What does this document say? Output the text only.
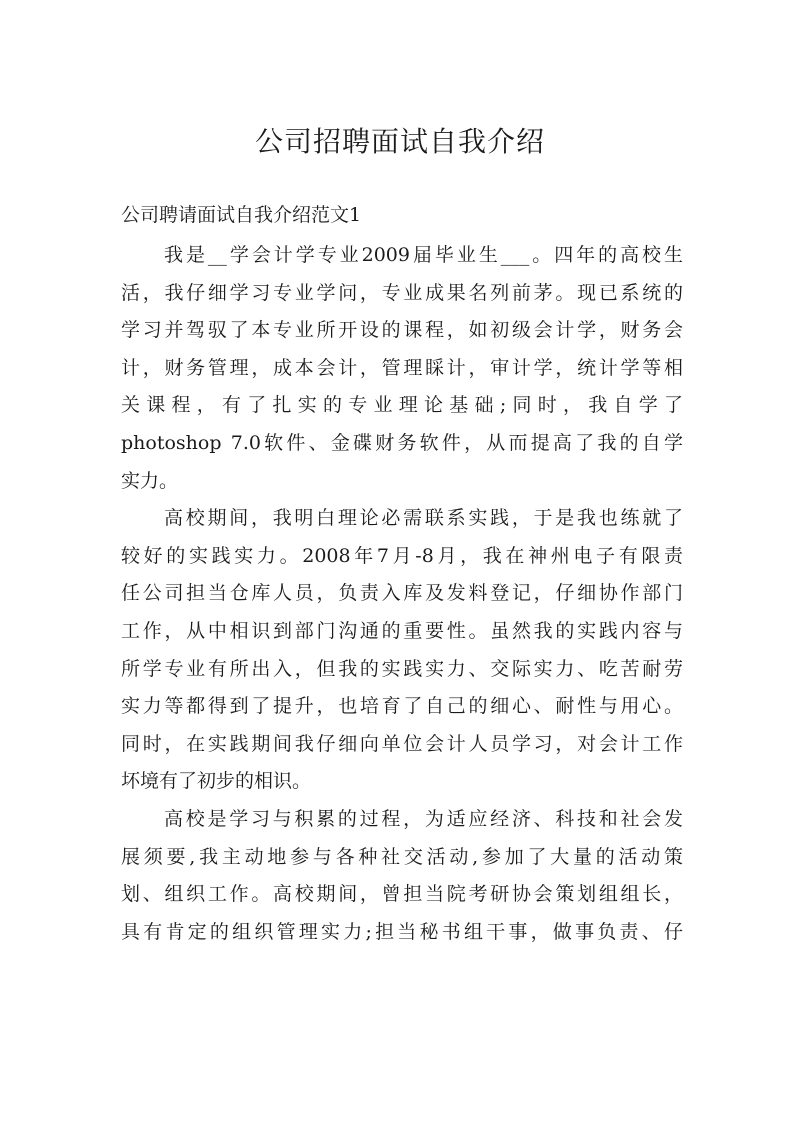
公司招聘面试自我介绍

公司聘请面试自我介绍范文1

我是__学会计学专业2009届毕业生___。四年的高校生
活，我仔细学习专业学问，专业成果名列前茅。现已系统的
学习并驾驭了本专业所开设的课程，如初级会计学，财务会
计，财务管理，成本会计，管理睬计，审计学，统计学等相
关课程，有了扎实的专业理论基础;同时，我自学了
photoshop 7.0软件、金碟财务软件，从而提高了我的自学
实力。
高校期间，我明白理论必需联系实践，于是我也练就了
较好的实践实力。2008年7月-8月，我在神州电子有限责
任公司担当仓库人员，负责入库及发料登记，仔细协作部门
工作，从中相识到部门沟通的重要性。虽然我的实践内容与
所学专业有所出入，但我的实践实力、交际实力、吃苦耐劳
实力等都得到了提升，也培育了自己的细心、耐性与用心。
同时，在实践期间我仔细向单位会计人员学习，对会计工作
坏境有了初步的相识。
高校是学习与积累的过程，为适应经济、科技和社会发
展须要,我主动地参与各种社交活动,参加了大量的活动策
划、组织工作。高校期间，曾担当院考研协会策划组组长，
具有肯定的组织管理实力;担当秘书组干事，做事负责、仔
